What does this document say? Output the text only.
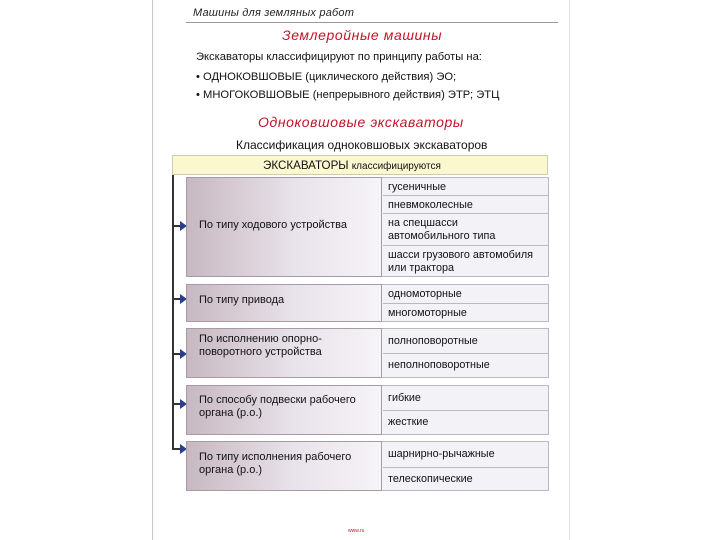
Машины для земляных работ
Землеройные машины
Экскаваторы классифицируют по принципу работы на:
• ОДНОКОВШОВЫЕ (циклического действия) ЭО;
• МНОГОКОВШОВЫЕ (непрерывного действия) ЭТР; ЭТЦ
Одноковшовые экскаваторы
Классификация одноковшовых экскаваторов
ЭКСКАВАТОРЫ классифицируются
По типу ходового устройства
гусеничные
пневмоколесные
на спецшасси автомобильного типа
шасси грузового автомобиля или трактора
По типу привода	одномоторные
многомоторные
По исполнению опорно-поворотного устройства
полноповоротные
неполноповоротные
По способу подвески рабочего органа (р.о.)
гибкие
жесткие
По типу исполнения рабочего органа (р.о.)
шарнирно-рычажные
телескопические
www.ru
